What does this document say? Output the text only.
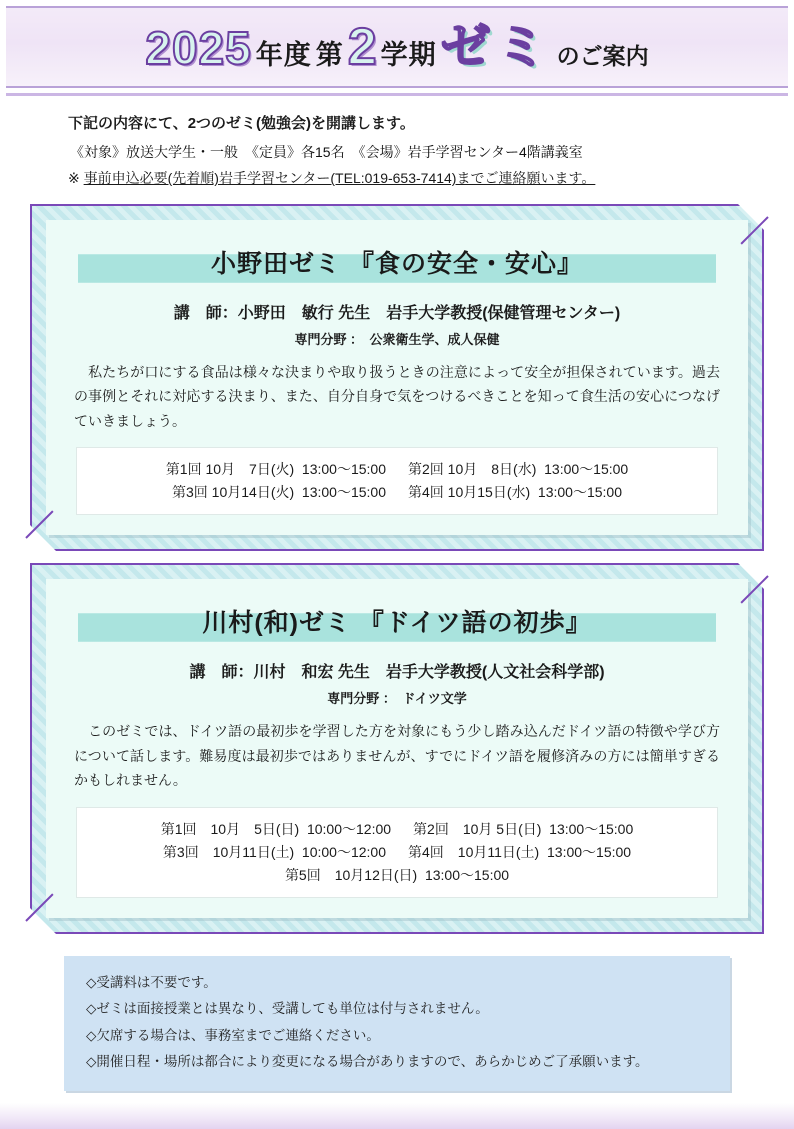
2025 年度 第 2 学期 ゼミ のご案内
下記の内容にて、2つのゼミ(勉強会)を開講します。
《対象》放送大学生・一般　《定員》各15名　《会場》岩手学習センター4階講義室
※ 事前申込必要(先着順)岩手学習センター(TEL:019-653-7414)までご連絡願います。
小野田ゼミ 『食の安全・安心』
講　師：小野田　敏行 先生　岩手大学教授(保健管理センター)
専門分野 ：　公衆衛生学、成人保健
　私たちが口にする食品は様々な決まりや取り扱うときの注意によって安全が担保されています。過去の事例とそれに対応する決まり、また、自分自身で気をつけるべきことを知って食生活の安心につなげていきましょう。
第1回 10月　7日(火)  13:00〜15:00 第2回 10月　8日(水)  13:00〜15:00
第3回 10月14日(火)  13:00〜15:00 第4回 10月15日(水)  13:00〜15:00
川村(和)ゼミ 『ドイツ語の初歩』
講　師：川村　和宏 先生　岩手大学教授(人文社会科学部)
専門分野 ：　ドイツ文学
　このゼミでは、ドイツ語の最初歩を学習した方を対象にもう少し踏み込んだドイツ語の特徴や学び方について話します。難易度は最初歩ではありませんが、すでにドイツ語を履修済みの方には簡単すぎるかもしれません。
第1回　10月　5日(日)  10:00〜12:00 第2回　10月 5日(日)  13:00〜15:00
第3回　10月11日(土)  10:00〜12:00 第4回　10月11日(土)  13:00〜15:00
第5回　10月12日(日)  13:00〜15:00
◇受講料は不要です。
◇ゼミは面接授業とは異なり、受講しても単位は付与されません。
◇欠席する場合は、事務室までご連絡ください。
◇開催日程・場所は都合により変更になる場合がありますので、あらかじめご了承願います。
